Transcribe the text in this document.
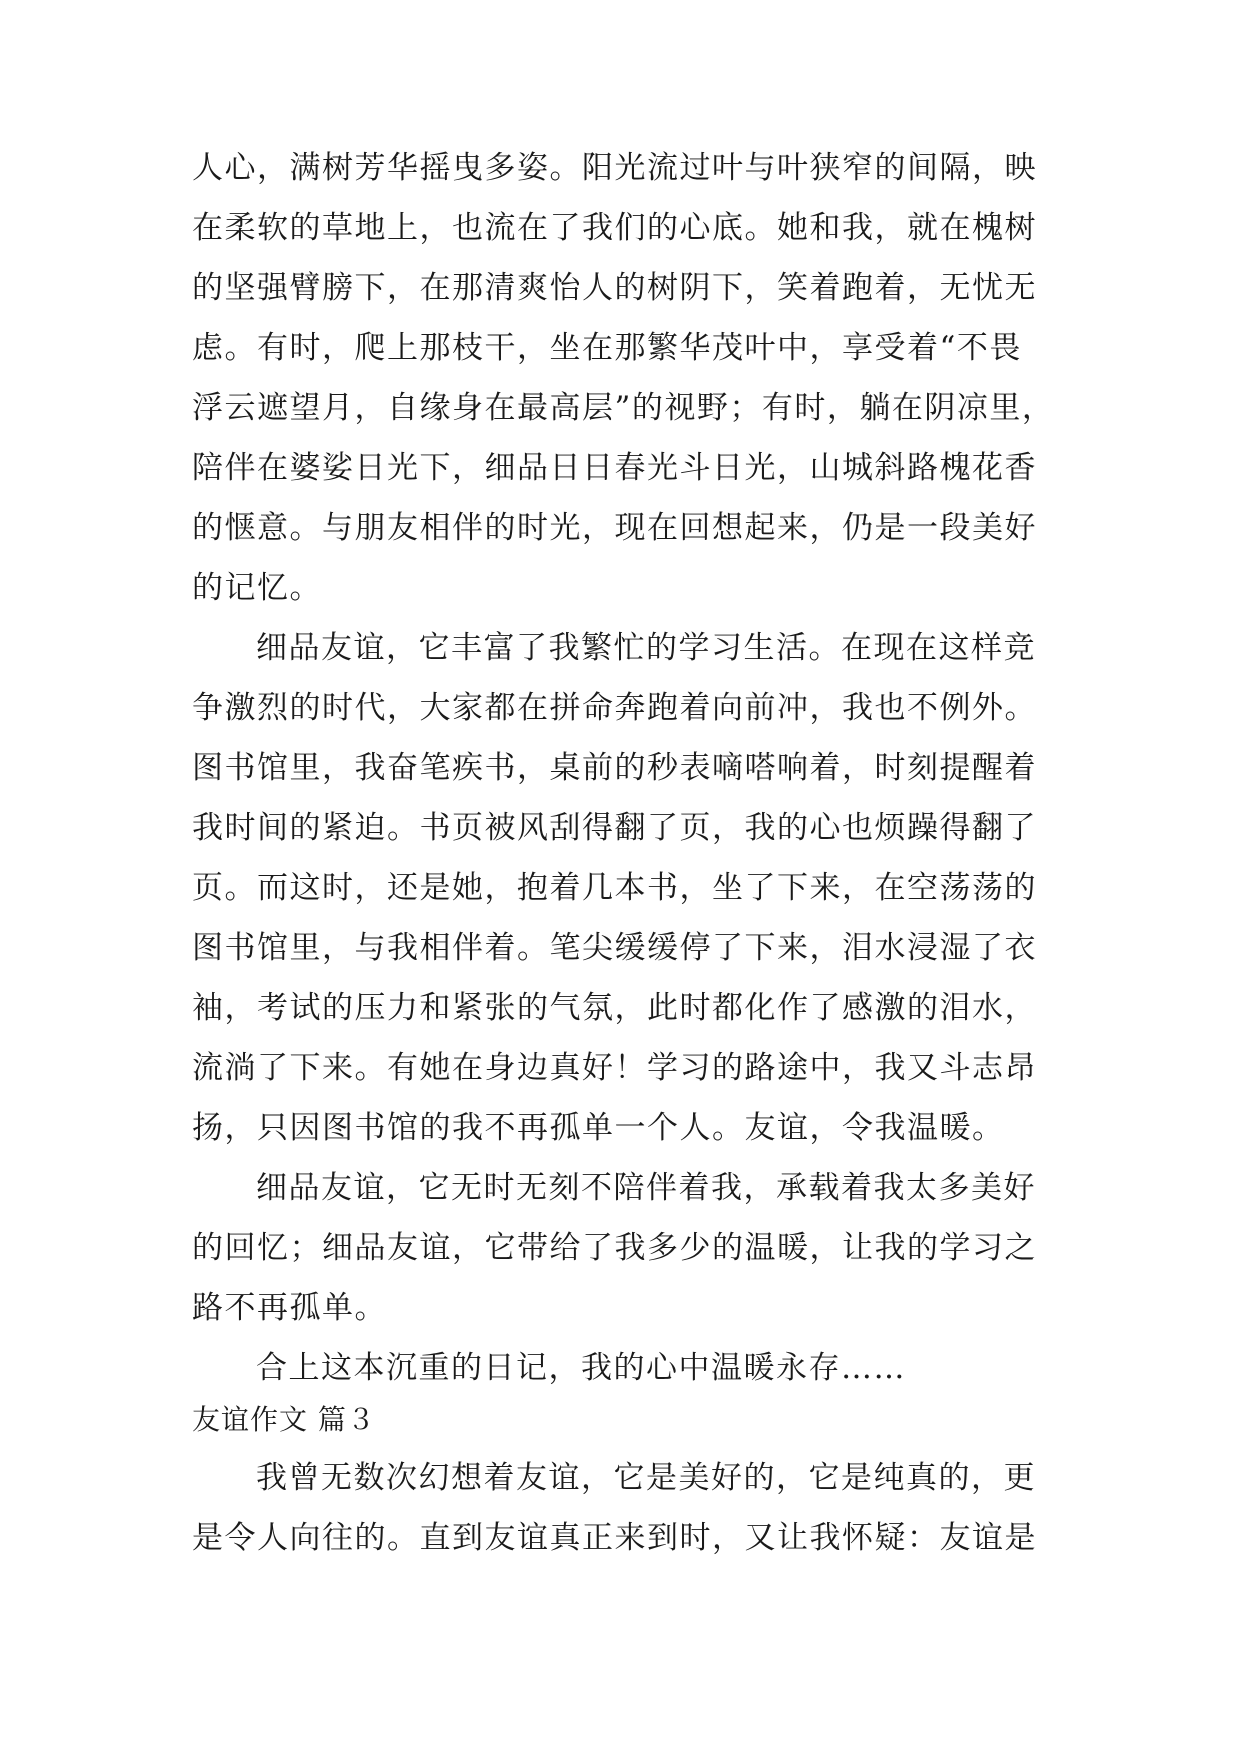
人心，满树芳华摇曳多姿。阳光流过叶与叶狭窄的间隔，映
在柔软的草地上，也流在了我们的心底。她和我，就在槐树
的坚强臂膀下，在那清爽怡人的树阴下，笑着跑着，无忧无
虑。有时，爬上那枝干，坐在那繁华茂叶中，享受着“不畏
浮云遮望月，自缘身在最高层”的视野；有时，躺在阴凉里，
陪伴在婆娑日光下，细品日日春光斗日光，山城斜路槐花香
的惬意。与朋友相伴的时光，现在回想起来，仍是一段美好
的记忆。
细品友谊，它丰富了我繁忙的学习生活。在现在这样竞
争激烈的时代，大家都在拼命奔跑着向前冲，我也不例外。
图书馆里，我奋笔疾书，桌前的秒表嘀嗒响着，时刻提醒着
我时间的紧迫。书页被风刮得翻了页，我的心也烦躁得翻了
页。而这时，还是她，抱着几本书，坐了下来，在空荡荡的
图书馆里，与我相伴着。笔尖缓缓停了下来，泪水浸湿了衣
袖，考试的压力和紧张的气氛，此时都化作了感激的泪水，
流淌了下来。有她在身边真好！学习的路途中，我又斗志昂
扬，只因图书馆的我不再孤单一个人。友谊，令我温暖。
细品友谊，它无时无刻不陪伴着我，承载着我太多美好
的回忆；细品友谊，它带给了我多少的温暖，让我的学习之
路不再孤单。
合上这本沉重的日记，我的心中温暖永存……
友谊作文 篇３
我曾无数次幻想着友谊，它是美好的，它是纯真的，更
是令人向往的。直到友谊真正来到时，又让我怀疑：友谊是
